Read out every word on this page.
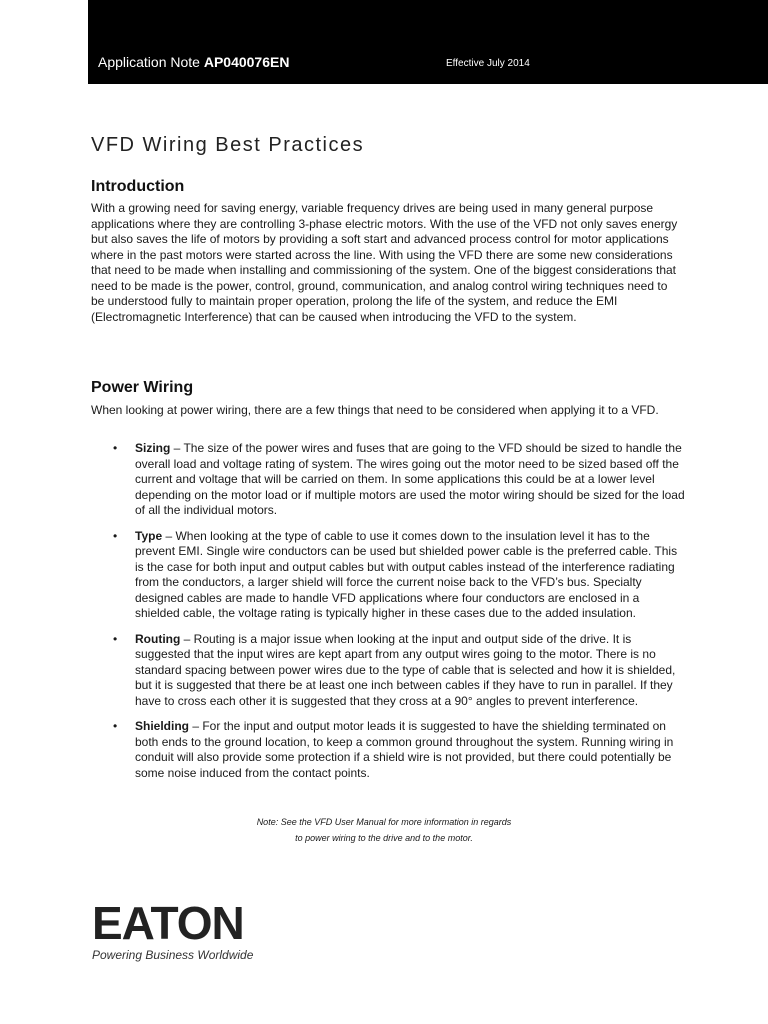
Application Note AP040076EN	Effective July 2014
VFD Wiring Best Practices
Introduction

With a growing need for saving energy, variable frequency drives are being used in many general purpose applications where they are controlling 3-phase electric motors. With the use of the VFD not only saves energy but also saves the life of motors by providing a soft start and advanced process control for motor applications where in the past motors were started across the line. With using the VFD there are some new considerations that need to be made when installing and commissioning of the system. One of the biggest considerations that need to be made is the power, control, ground, communication, and analog control wiring techniques need to be understood fully to maintain proper operation, prolong the life of the system, and reduce the EMI (Electromagnetic Interference) that can be caused when introducing the VFD to the system.

Power Wiring

When looking at power wiring, there are a few things that need to be considered when applying it to a VFD.

• Sizing – The size of the power wires and fuses that are going to the VFD should be sized to handle the overall load and voltage rating of system. The wires going out the motor need to be sized based off the current and voltage that will be carried on them. In some applications this could be at a lower level depending on the motor load or if multiple motors are used the motor wiring should be sized for the load of all the individual motors.
• Type – When looking at the type of cable to use it comes down to the insulation level it has to the prevent EMI. Single wire conductors can be used but shielded power cable is the preferred cable. This is the case for both input and output cables but with output cables instead of the interference radiating from the conductors, a larger shield will force the current noise back to the VFD’s bus. Specialty designed cables are made to handle VFD applications where four conductors are enclosed in a shielded cable, the voltage rating is typically higher in these cases due to the added insulation.
• Routing – Routing is a major issue when looking at the input and output side of the drive. It is suggested that the input wires are kept apart from any output wires going to the motor. There is no standard spacing between power wires due to the type of cable that is selected and how it is shielded, but it is suggested that there be at least one inch between cables if they have to run in parallel. If they have to cross each other it is suggested that they cross at a 90° angles to prevent interference.
• Shielding – For the input and output motor leads it is suggested to have the shielding terminated on both ends to the ground location, to keep a common ground throughout the system. Running wiring in conduit will also provide some protection if a shield wire is not provided, but there could potentially be some noise induced from the contact points.
Note: See the VFD User Manual for more information in regards
to power wiring to the drive and to the motor.
EATON
Powering Business Worldwide
